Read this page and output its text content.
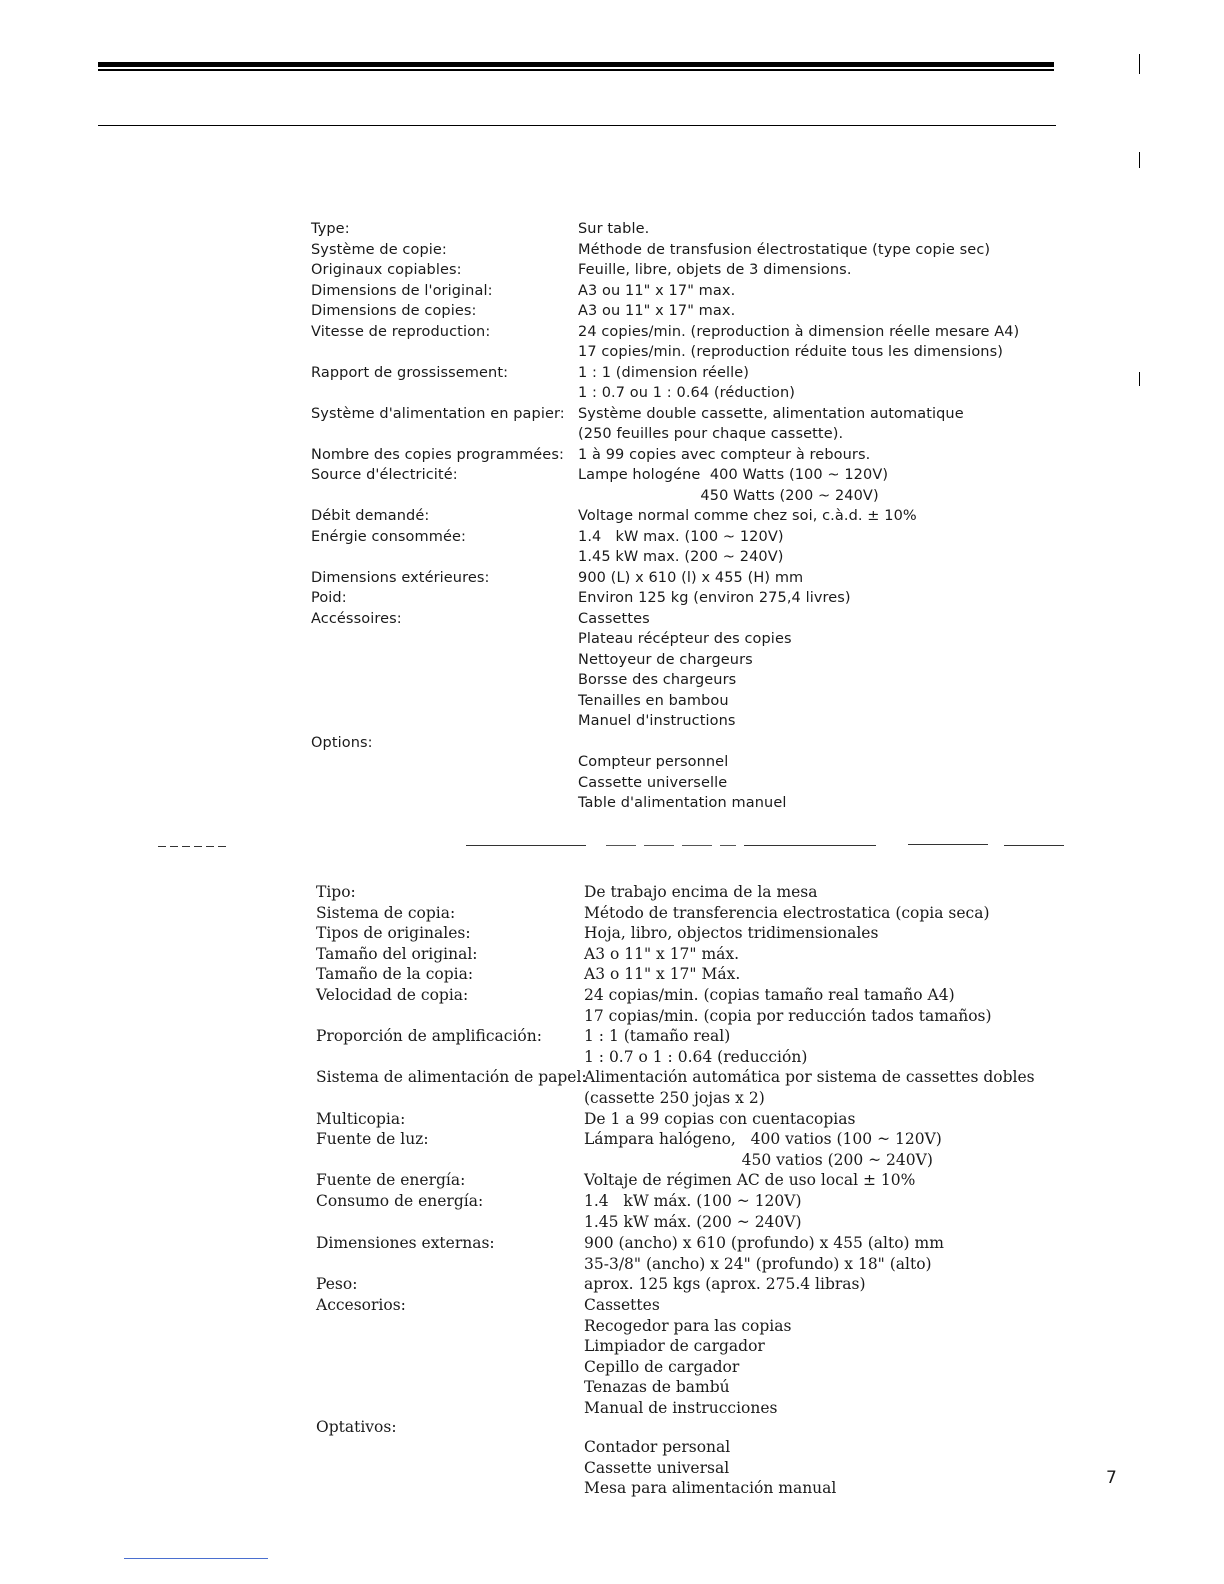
Type:	Sur table.
Système de copie:	Méthode de transfusion électrostatique (type copie sec)
Originaux copiables:	Feuille, libre, objets de 3 dimensions.
Dimensions de l'original:	A3 ou 11" x 17" max.
Dimensions de copies:	A3 ou 11" x 17" max.
Vitesse de reproduction:	24 copies/min. (reproduction à dimension réelle mesare A4)
17 copies/min. (reproduction réduite tous les dimensions)
Rapport de grossissement:	1 : 1 (dimension réelle)
1 : 0.7 ou 1 : 0.64 (réduction)
Système d'alimentation en papier: Système double cassette, alimentation automatique
(250 feuilles pour chaque cassette).
Nombre des copies programmées: 1 à 99 copies avec compteur à rebours.
Source d'électricité:	Lampe hologéne  400 Watts (100 ~ 120V)
450 Watts (200 ~ 240V)
Débit demandé:	Voltage normal comme chez soi, c.à.d. ± 10%
Enérgie consommée:	1.4   kW max. (100 ~ 120V)
1.45 kW max. (200 ~ 240V)
Dimensions extérieures:	900 (L) x 610 (l) x 455 (H) mm
Poid:	Environ 125 kg (environ 275,4 livres)
Accéssoires:	Cassettes
Plateau récépteur des copies
Nettoyeur de chargeurs
Borsse des chargeurs
Tenailles en bambou
Manuel d'instructions
Options:
Compteur personnel
Cassette universelle
Table d'alimentation manuel
Tipo:	De trabajo encima de la mesa
Sistema de copia:	Método de transferencia electrostatica (copia seca)
Tipos de originales:	Hoja, libro, objectos tridimensionales
Tamaño del original:	A3 o 11" x 17" máx.
Tamaño de la copia:	A3 o 11" x 17" Máx.
Velocidad de copia:	24 copias/min. (copias tamaño real tamaño A4)
17 copias/min. (copia por reducción tados tamaños)
Proporción de amplificación:	1 : 1 (tamaño real)
1 : 0.7 o 1 : 0.64 (reducción)
Sistema de alimentación de papel:
Alimentación automática por sistema de cassettes dobles
(cassette 250 jojas x 2)
Multicopia:	De 1 a 99 copias con cuentacopias
Fuente de luz:	Lámpara halógeno,   400 vatios (100 ~ 120V)
450 vatios (200 ~ 240V)
Fuente de energía:	Voltaje de régimen AC de uso local ± 10%
Consumo de energía:	1.4   kW máx. (100 ~ 120V)
1.45 kW máx. (200 ~ 240V)
Dimensiones externas:	900 (ancho) x 610 (profundo) x 455 (alto) mm
35-3/8" (ancho) x 24" (profundo) x 18" (alto)
Peso:	aprox. 125 kgs (aprox. 275.4 libras)
Accesorios:	Cassettes
Recogedor para las copias
Limpiador de cargador
Cepillo de cargador
Tenazas de bambú
Manual de instrucciones
Optativos:
Contador personal
Cassette universal
Mesa para alimentación manual
7
